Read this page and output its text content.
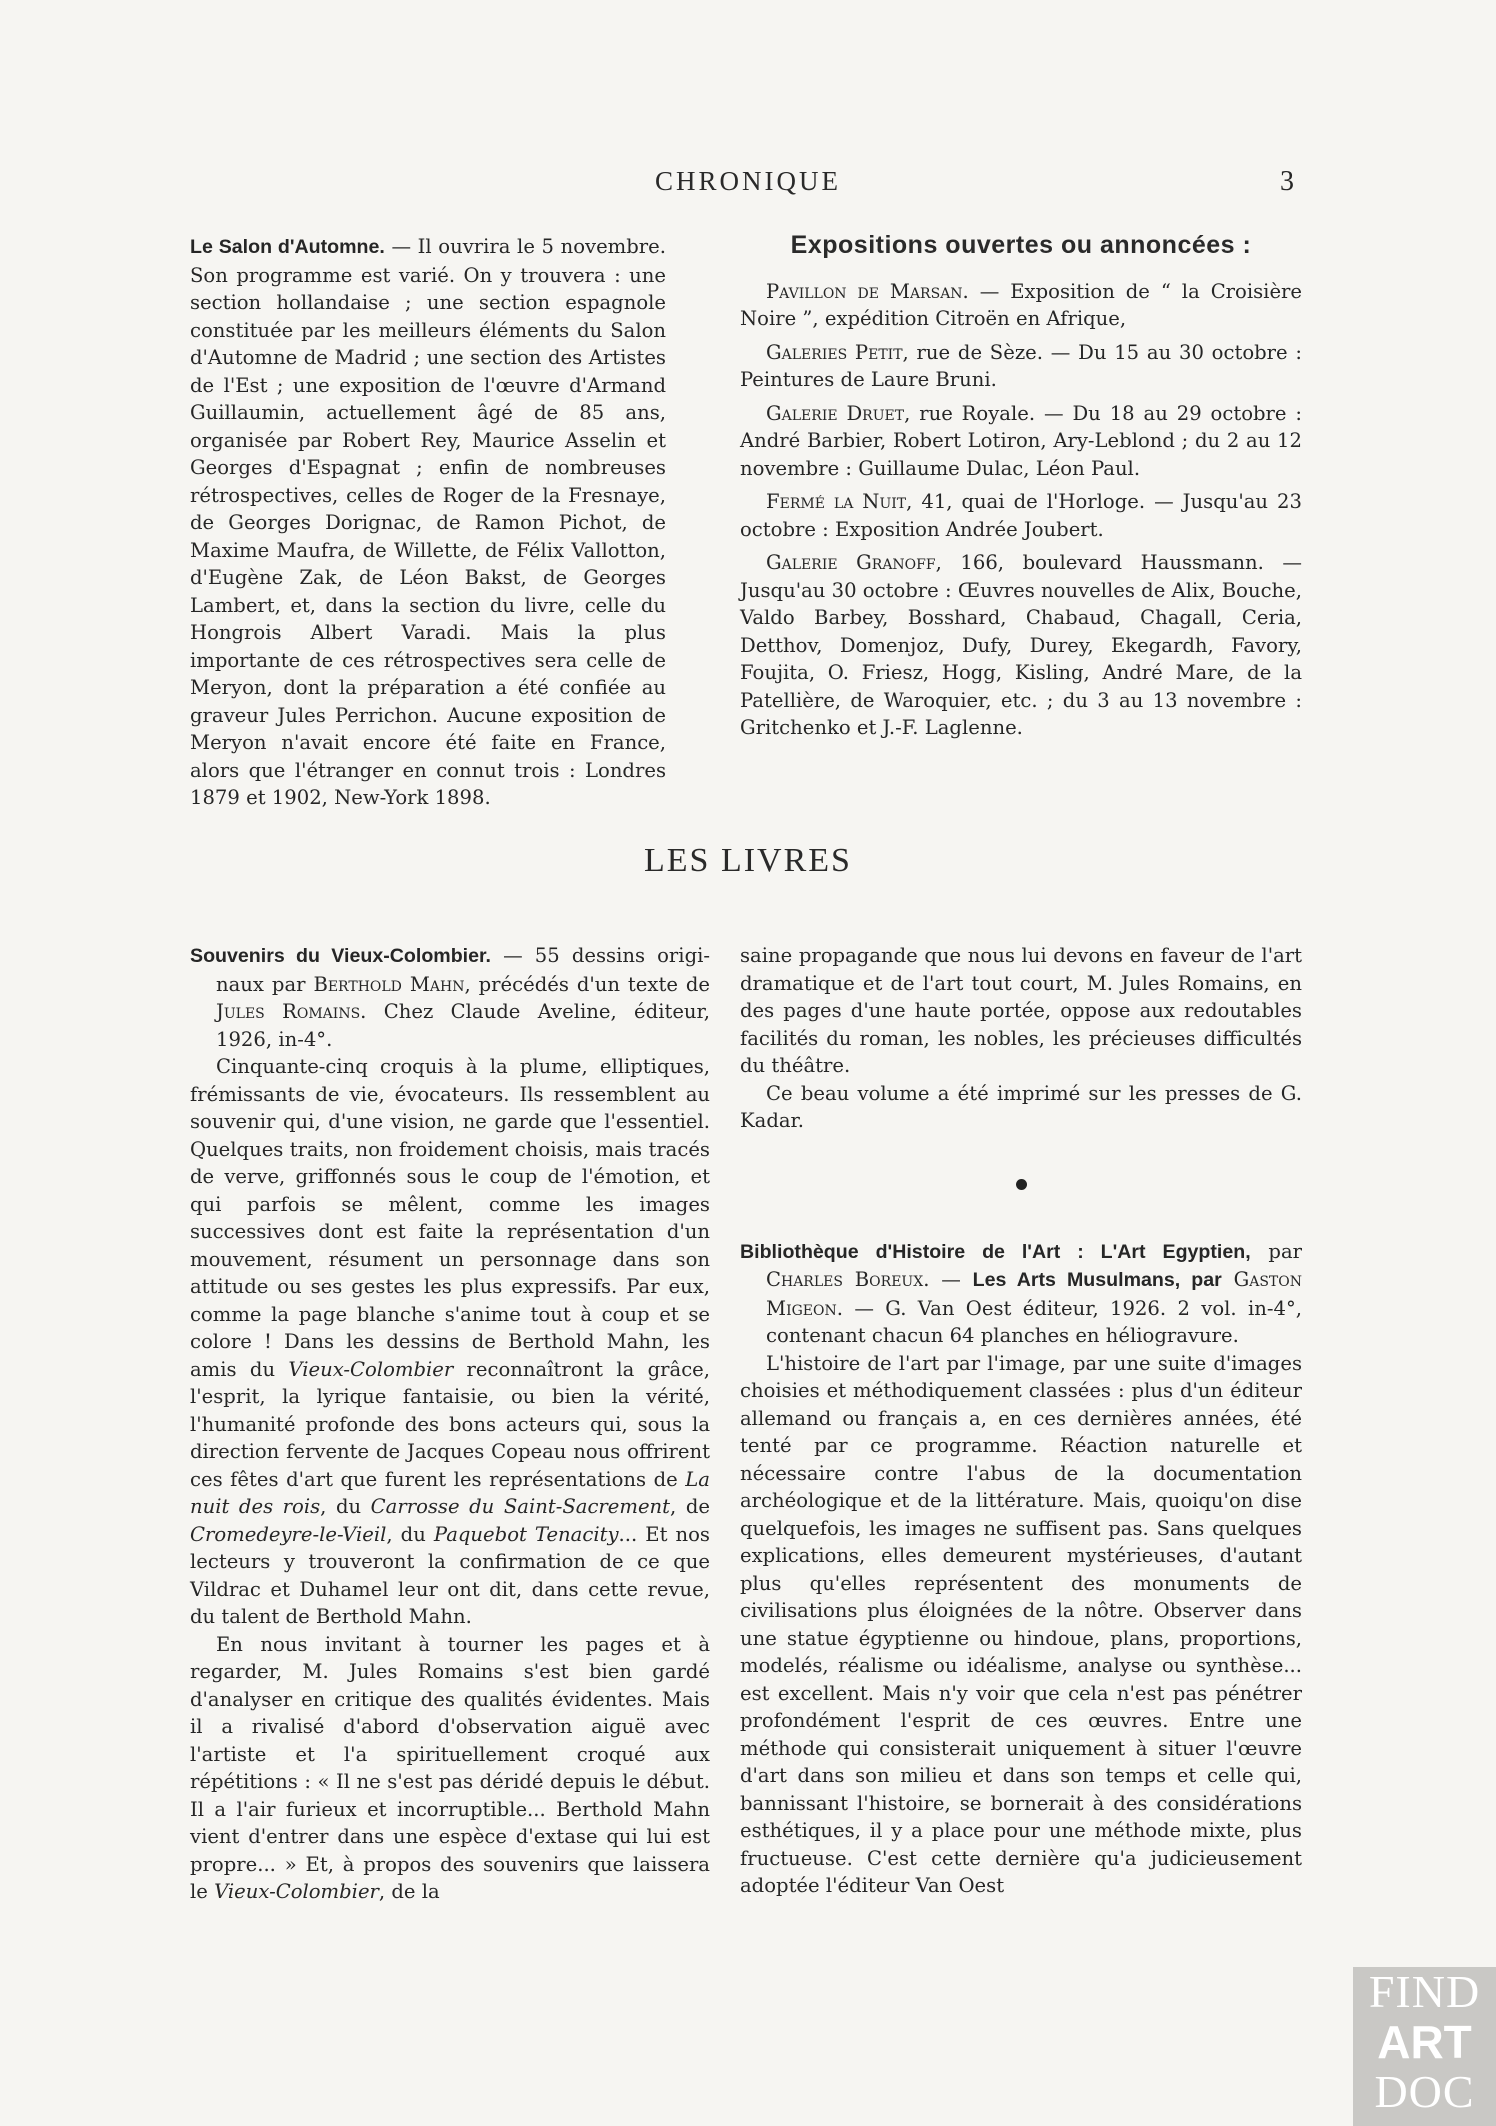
CHRONIQUE	3

Le Salon d'Automne. — Il ouvrira le 5 novembre. Son programme est varié. On y trouvera : une section hollandaise ; une section espagnole constituée par les meilleurs éléments du Salon d'Automne de Madrid ; une section des Artistes de l'Est ; une exposition de l'œuvre d'Armand Guillaumin, actuellement âgé de 85 ans, organisée par Robert Rey, Maurice Asselin et Georges d'Espagnat ; enfin de nombreuses rétrospectives, celles de Roger de la Fresnaye, de Georges Dorignac, de Ramon Pichot, de Maxime Maufra, de Willette, de Félix Vallotton, d'Eugène Zak, de Léon Bakst, de Georges Lambert, et, dans la section du livre, celle du Hongrois Albert Varadi. Mais la plus importante de ces rétrospectives sera celle de Meryon, dont la préparation a été confiée au graveur Jules Perrichon. Aucune exposition de Meryon n'avait encore été faite en France, alors que l'étranger en connut trois : Londres 1879 et 1902, New-York 1898.

Expositions ouvertes ou annoncées :

Pavillon de Marsan. — Exposition de “ la Croisière Noire ”, expédition Citroën en Afrique,

Galeries Petit, rue de Sèze. — Du 15 au 30 octobre : Peintures de Laure Bruni.

Galerie Druet, rue Royale. — Du 18 au 29 octobre : André Barbier, Robert Lotiron, Ary-Leblond ; du 2 au 12 novembre : Guillaume Dulac, Léon Paul.

Fermé la Nuit, 41, quai de l'Horloge. — Jusqu'au 23 octobre : Exposition Andrée Joubert.

Galerie Granoff, 166, boulevard Haussmann. — Jusqu'au 30 octobre : Œuvres nouvelles de Alix, Bouche, Valdo Barbey, Bosshard, Chabaud, Chagall, Ceria, Detthov, Domenjoz, Dufy, Durey, Ekegardh, Favory, Foujita, O. Friesz, Hogg, Kisling, André Mare, de la Patellière, de Waroquier, etc. ; du 3 au 13 novembre : Gritchenko et J.-F. Laglenne.

LES LIVRES

Souvenirs du Vieux-Colombier. — 55 dessins originaux par Berthold Mahn, précédés d'un texte de Jules Romains. Chez Claude Aveline, éditeur, 1926, in-4°.

Cinquante-cinq croquis à la plume, elliptiques, frémissants de vie, évocateurs. Ils ressemblent au souvenir qui, d'une vision, ne garde que l'essentiel. Quelques traits, non froidement choisis, mais tracés de verve, griffonnés sous le coup de l'émotion, et qui parfois se mêlent, comme les images successives dont est faite la représentation d'un mouvement, résument un personnage dans son attitude ou ses gestes les plus expressifs. Par eux, comme la page blanche s'anime tout à coup et se colore ! Dans les dessins de Berthold Mahn, les amis du Vieux-Colombier reconnaîtront la grâce, l'esprit, la lyrique fantaisie, ou bien la vérité, l'humanité profonde des bons acteurs qui, sous la direction fervente de Jacques Copeau nous offrirent ces fêtes d'art que furent les représentations de La nuit des rois, du Carrosse du Saint-Sacrement, de Cromedeyre-le-Vieil, du Paquebot Tenacity... Et nos lecteurs y trouveront la confirmation de ce que Vildrac et Duhamel leur ont dit, dans cette revue, du talent de Berthold Mahn.

En nous invitant à tourner les pages et à regarder, M. Jules Romains s'est bien gardé d'analyser en critique des qualités évidentes. Mais il a rivalisé d'abord d'observation aiguë avec l'artiste et l'a spirituellement croqué aux répétitions : « Il ne s'est pas déridé depuis le début. Il a l'air furieux et incorruptible... Berthold Mahn vient d'entrer dans une espèce d'extase qui lui est propre... » Et, à propos des souvenirs que laissera le Vieux-Colombier, de la

saine propagande que nous lui devons en faveur de l'art dramatique et de l'art tout court, M. Jules Romains, en des pages d'une haute portée, oppose aux redoutables facilités du roman, les nobles, les précieuses difficultés du théâtre.

Ce beau volume a été imprimé sur les presses de G. Kadar.

Bibliothèque d'Histoire de l'Art : L'Art Egyptien, par Charles Boreux. — Les Arts Musulmans, par Gaston Migeon. — G. Van Oest éditeur, 1926. 2 vol. in-4°, contenant chacun 64 planches en héliogravure.

L'histoire de l'art par l'image, par une suite d'images choisies et méthodiquement classées : plus d'un éditeur allemand ou français a, en ces dernières années, été tenté par ce programme. Réaction naturelle et nécessaire contre l'abus de la documentation archéologique et de la littérature. Mais, quoiqu'on dise quelquefois, les images ne suffisent pas. Sans quelques explications, elles demeurent mystérieuses, d'autant plus qu'elles représentent des monuments de civilisations plus éloignées de la nôtre. Observer dans une statue égyptienne ou hindoue, plans, proportions, modelés, réalisme ou idéalisme, analyse ou synthèse... est excellent. Mais n'y voir que cela n'est pas pénétrer profondément l'esprit de ces œuvres. Entre une méthode qui consisterait uniquement à situer l'œuvre d'art dans son milieu et dans son temps et celle qui, bannissant l'histoire, se bornerait à des considérations esthétiques, il y a place pour une méthode mixte, plus fructueuse. C'est cette dernière qu'a judicieusement adoptée l'éditeur Van Oest

FIND
ART
DOC
